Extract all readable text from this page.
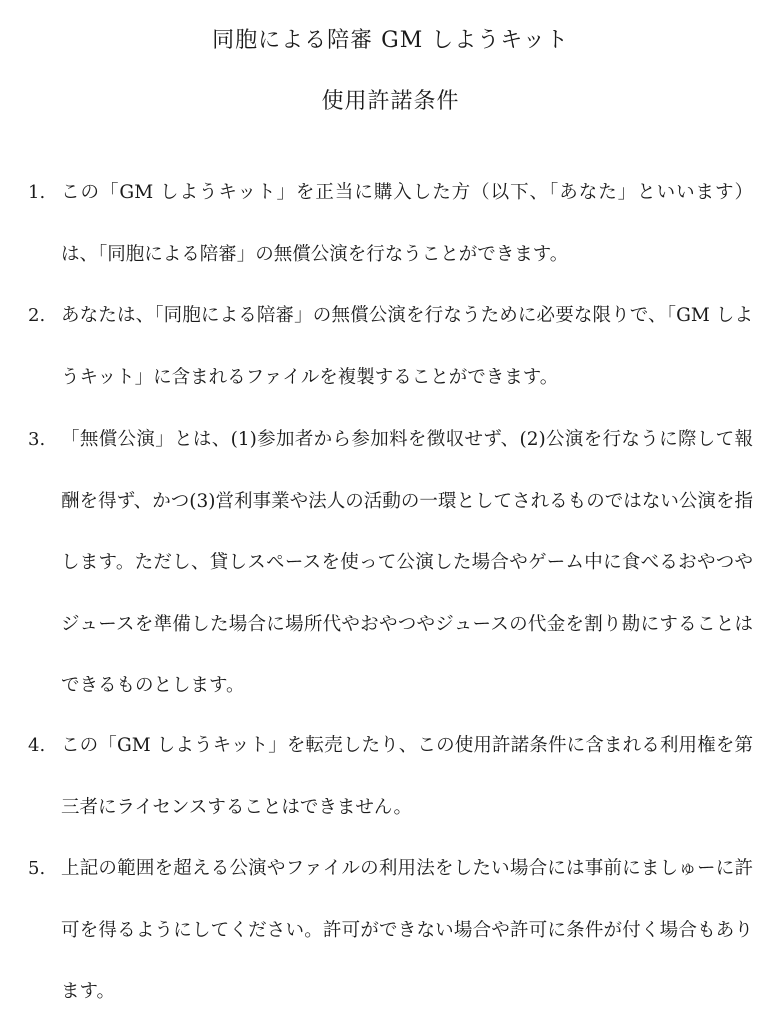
同胞による陪審 GM しようキット
使用許諾条件
1. この「GM しようキット」を正当に購入した方（以下、「あなた」といいます）は、「同胞による陪審」の無償公演を行なうことができます。
2. あなたは、「同胞による陪審」の無償公演を行なうために必要な限りで、「GM しようキット」に含まれるファイルを複製することができます。
3. 「無償公演」とは、(1)参加者から参加料を徴収せず、(2)公演を行なうに際して報酬を得ず、かつ(3)営利事業や法人の活動の一環としてされるものではない公演を指します。ただし、貸しスペースを使って公演した場合やゲーム中に食べるおやつやジュースを準備した場合に場所代やおやつやジュースの代金を割り勘にすることはできるものとします。
4. この「GM しようキット」を転売したり、この使用許諾条件に含まれる利用権を第三者にライセンスすることはできません。
5. 上記の範囲を超える公演やファイルの利用法をしたい場合には事前にましゅーに許可を得るようにしてください。許可ができない場合や許可に条件が付く場合もあります。
